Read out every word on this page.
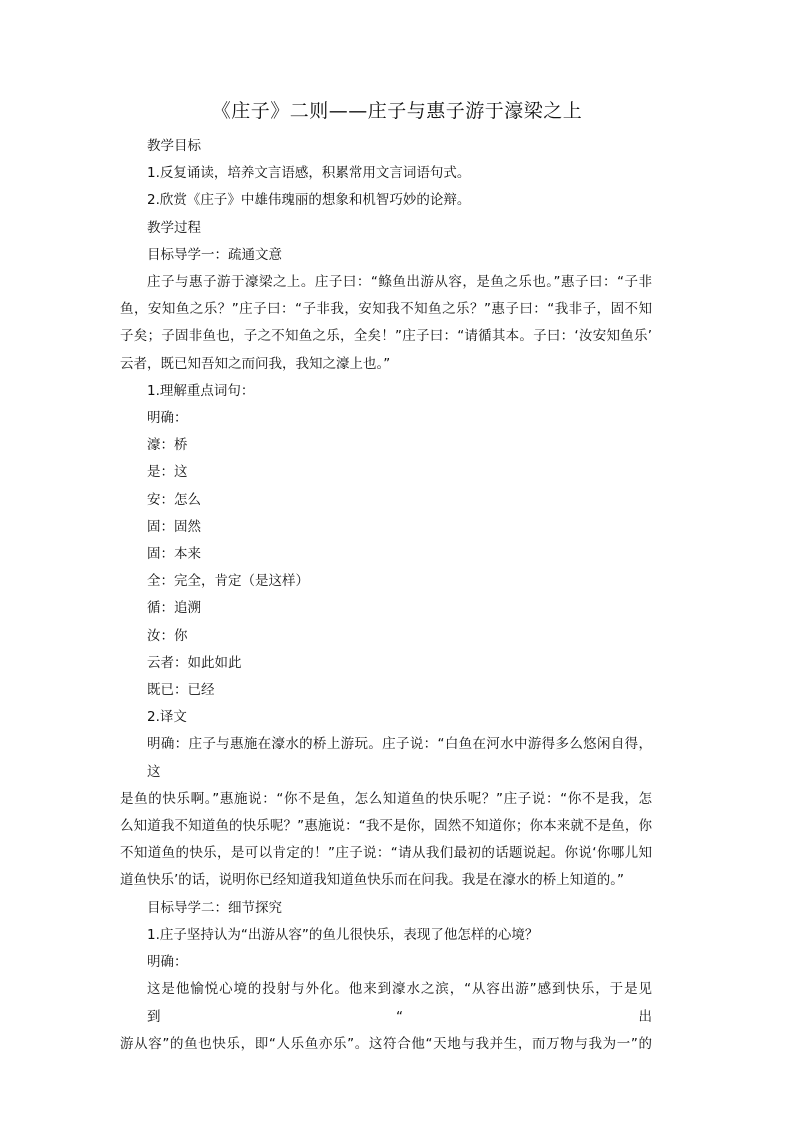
《庄子》二则——庄子与惠子游于濠梁之上
教学目标
1.反复诵读，培养文言语感，积累常用文言词语句式。
2.欣赏《庄子》中雄伟瑰丽的想象和机智巧妙的论辩。
教学过程
目标导学一：疏通文意
庄子与惠子游于濠梁之上。庄子曰：“鲦鱼出游从容，是鱼之乐也。”惠子曰：“子非
鱼，安知鱼之乐？”庄子曰：“子非我，安知我不知鱼之乐？”惠子曰：“我非子，固不知
子矣；子固非鱼也，子之不知鱼之乐，全矣！”庄子曰：“请循其本。子曰：‘汝安知鱼乐’
云者，既已知吾知之而问我，我知之濠上也。”
1.理解重点词句：
明确：
濠：桥
是：这
安：怎么
固：固然
固：本来
全：完全，肯定（是这样）
循：追溯
汝：你
云者：如此如此
既已：已经
2.译文
明确：庄子与惠施在濠水的桥上游玩。庄子说：“白鱼在河水中游得多么悠闲自得，这
是鱼的快乐啊。”惠施说：“你不是鱼，怎么知道鱼的快乐呢？”庄子说：“你不是我，怎
么知道我不知道鱼的快乐呢？”惠施说：“我不是你，固然不知道你；你本来就不是鱼，你
不知道鱼的快乐，是可以肯定的！”庄子说：“请从我们最初的话题说起。你说‘你哪儿知
道鱼快乐’的话，说明你已经知道我知道鱼快乐而在问我。我是在濠水的桥上知道的。”
目标导学二：细节探究
1.庄子坚持认为“出游从容”的鱼儿很快乐，表现了他怎样的心境？
明确：
这是他愉悦心境的投射与外化。他来到濠水之滨，“从容出游”感到快乐，于是见到“出
游从容”的鱼也快乐，即“人乐鱼亦乐”。这符合他“天地与我并生，而万物与我为一”的
